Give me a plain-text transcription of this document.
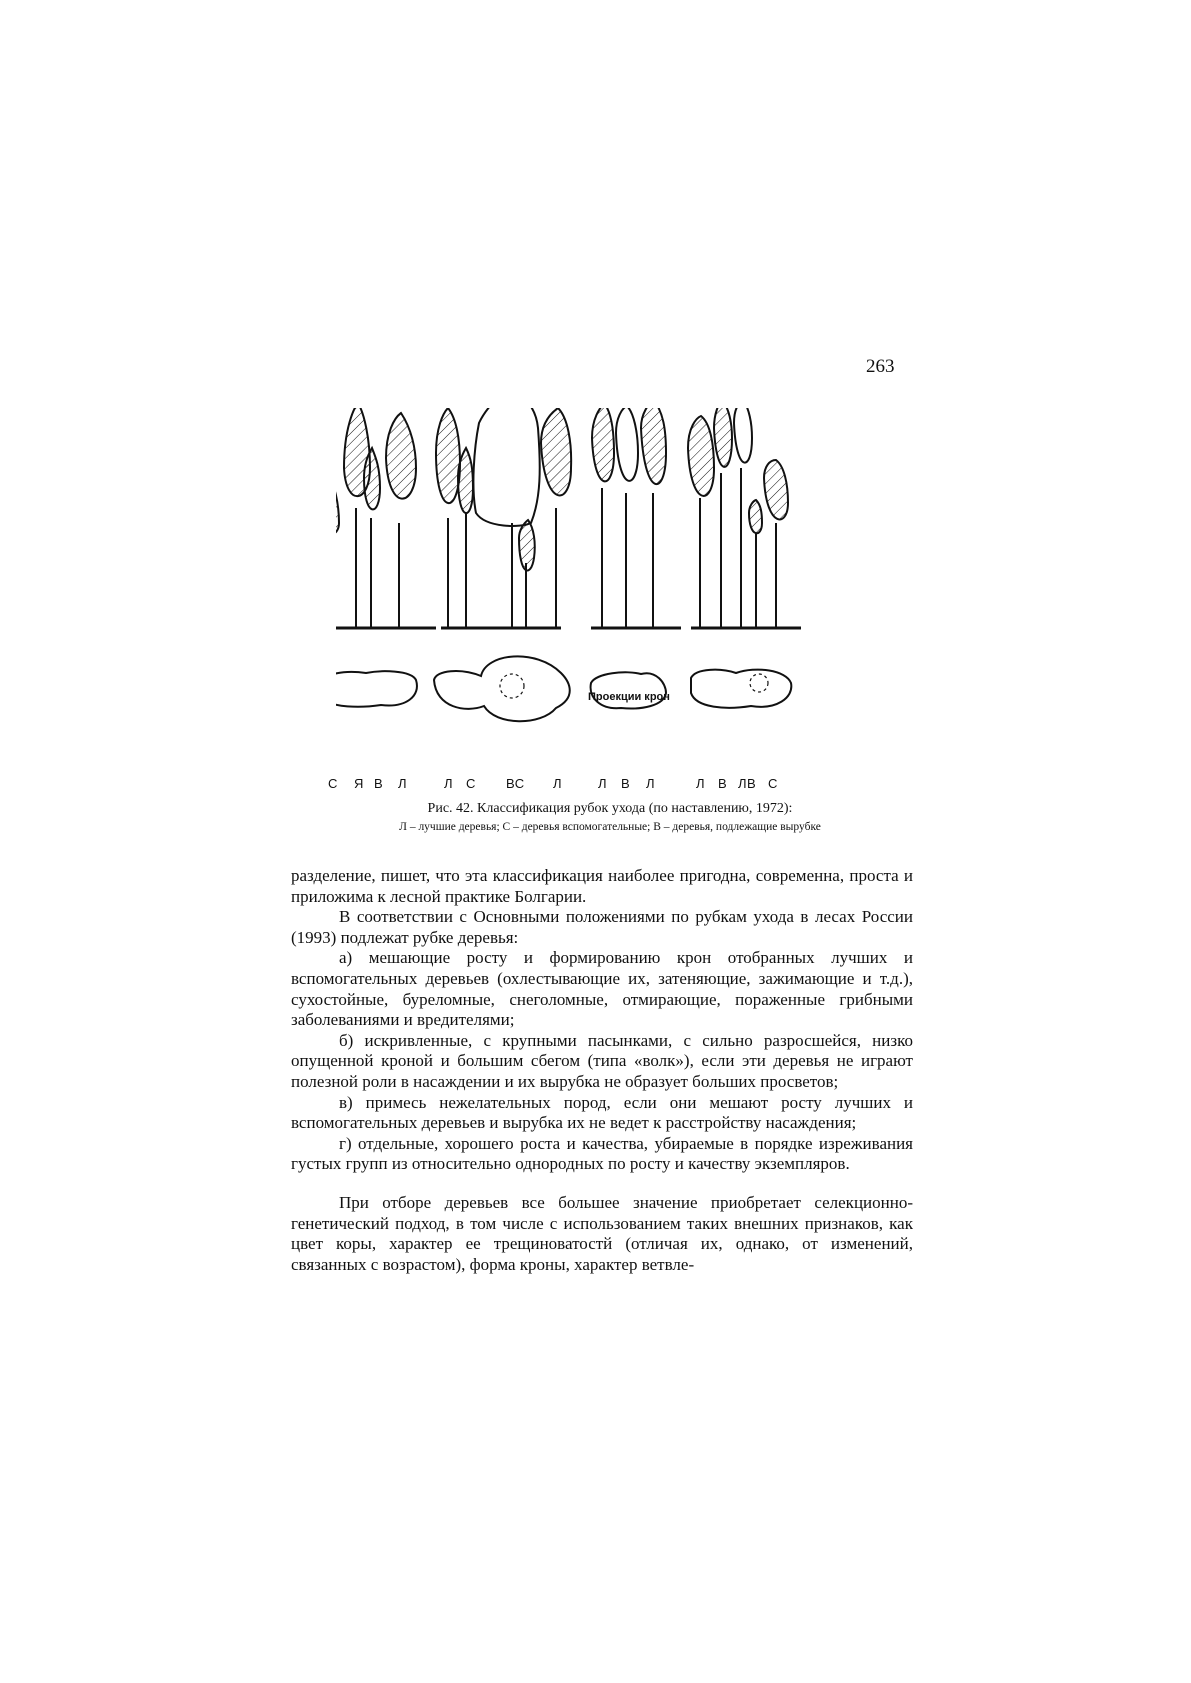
263
Проекции крон
С Я В Л	Л С ВС Л	Л В Л	Л В ЛВ С
Рис. 42. Классификация рубок ухода (по наставлению, 1972):
Л – лучшие деревья; С – деревья вспомогательные; В – деревья, подлежащие вырубке

разделение, пишет, что эта классификация наиболее пригодна, современна, проста и приложима к лесной практике Болгарии.

В соответствии с Основными положениями по рубкам ухода в лесах России (1993) подлежат рубке деревья:

а) мешающие росту и формированию крон отобранных лучших и вспомогательных деревьев (охлестывающие их, затеняющие, зажимающие и т.д.), сухостойные, буреломные, снеголомные, отмирающие, пораженные грибными заболеваниями и вредителями;

б) искривленные, с крупными пасынками, с сильно разросшейся, низко опущенной кроной и большим сбегом (типа «волк»), если эти деревья не играют полезной роли в насаждении и их вырубка не образует больших просветов;

в) примесь нежелательных пород, если они мешают росту лучших и вспомогательных деревьев и вырубка их не ведет к расстройству насаждения;

г) отдельные, хорошего роста и качества, убираемые в порядке изреживания густых групп из относительно однородных по росту и качеству экземпляров.

При отборе деревьев все большее значение приобретает селекционно-генетический подход, в том числе с использованием таких внешних признаков, как цвет коры, характер ее трещиноватостй (отличая их, однако, от изменений, связанных с возрастом), форма кроны, характер ветвле-
